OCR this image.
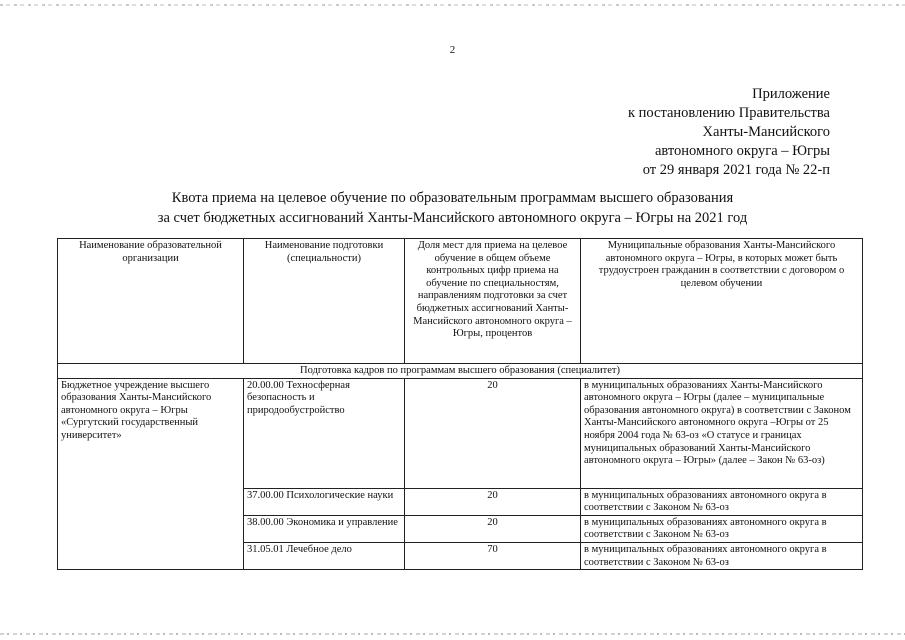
2
Приложение
к постановлению Правительства
Ханты-Мансийского
автономного округа – Югры
от 29 января 2021 года № 22-п
Квота приема на целевое обучение по образовательным программам высшего образования
за счет бюджетных ассигнований Ханты-Мансийского автономного округа – Югры на 2021 год
Наименование образовательной организации	Наименование подготовки (специальности)	Доля мест для приема на целевое обучение в общем объеме контрольных цифр приема на обучение по специальностям, направлениям подготовки за счет бюджетных ассигнований Ханты-Мансийского автономного округа – Югры, процентов	Муниципальные образования Ханты-Мансийского автономного округа – Югры, в которых может быть трудоустроен гражданин в соответствии с договором о целевом обучении
Подготовка кадров по программам высшего образования (специалитет)			
Бюджетное учреждение высшего образования Ханты-Мансийского автономного округа – Югры «Сургутский государственный университет»	20.00.00 Техносферная безопасность и природообустройство	20	в муниципальных образованиях Ханты-Мансийского автономного округа – Югры (далее – муниципальные образования автономного округа) в соответствии с Законом Ханты-Мансийского автономного округа –Югры от 25 ноября 2004 года № 63-оз «О статусе и границах муниципальных образований Ханты-Мансийского автономного округа – Югры» (далее – Закон № 63-оз)
	37.00.00 Психологические науки	20	в муниципальных образованиях автономного округа в соответствии с Законом № 63-оз
	38.00.00 Экономика и управление	20	в муниципальных образованиях автономного округа в соответствии с Законом № 63-оз
	31.05.01 Лечебное дело	70	в муниципальных образованиях автономного округа в соответствии с Законом № 63-оз
